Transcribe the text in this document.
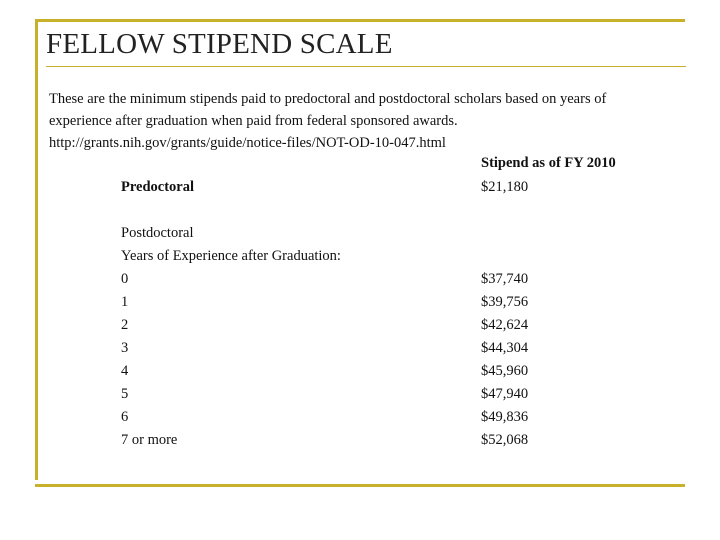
FELLOW STIPEND SCALE

These are the minimum stipends paid to predoctoral and postdoctoral scholars based on years of

experience after graduation when paid from federal sponsored awards.

http://grants.nih.gov/grants/guide/notice-files/NOT-OD-10-047.html

Stipend as of FY 2010
Predoctoral	$21,180
Postdoctoral
Years of Experience after Graduation:
0	$37,740
1	$39,756
2	$42,624
3	$44,304
4	$45,960
5	$47,940
6	$49,836
7 or more	$52,068
